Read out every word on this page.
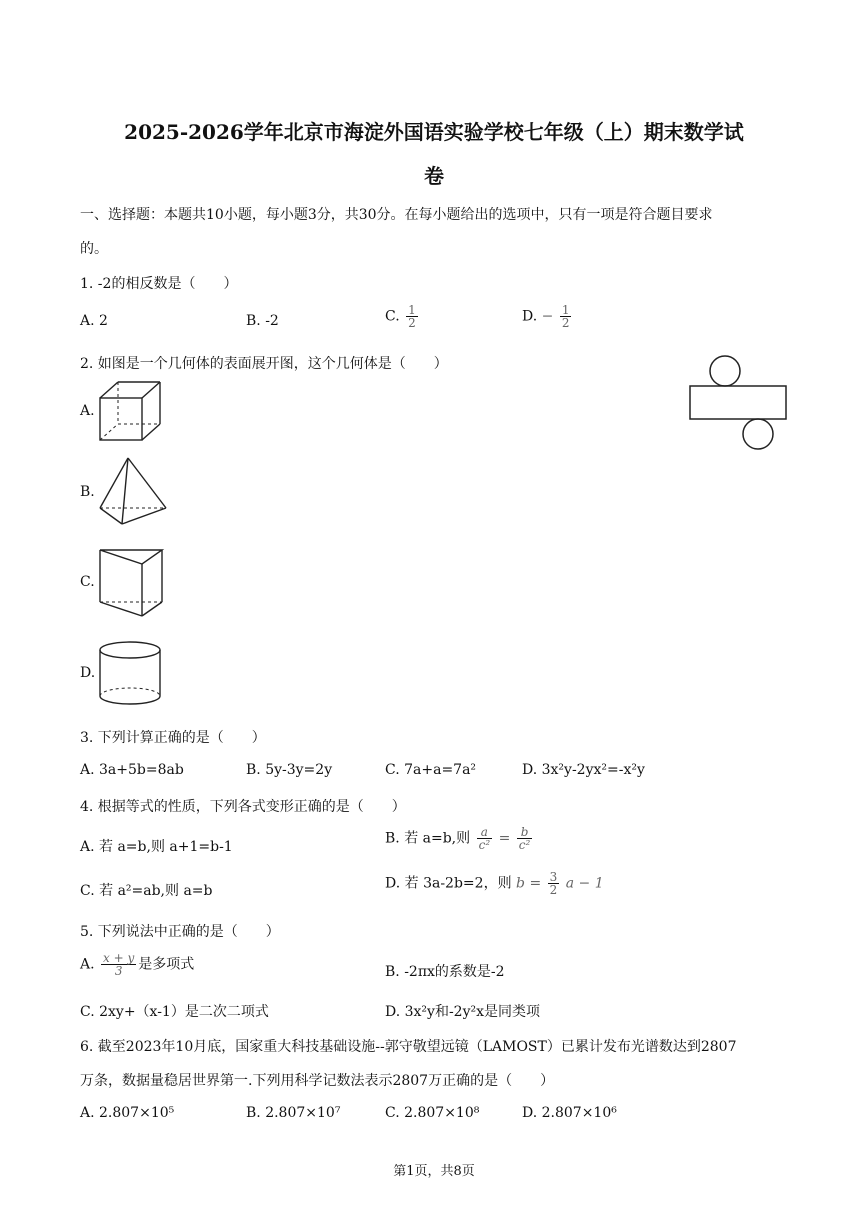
2025-2026学年北京市海淀外国语实验学校七年级（上）期末数学试
卷
一、选择题：本题共10小题，每小题3分，共30分。在每小题给出的选项中，只有一项是符合题目要求
的。
1. -2的相反数是（　　）
A. 2	B. -2	C. $\frac{1}{2}$	D. − $\frac{1}{2}$
2. 如图是一个几何体的表面展开图，这个几何体是（　　）
A.
B.
C.
D.
3. 下列计算正确的是（　　）
A. 3a+5b=8ab	B. 5y-3y=2y	C. 7a+a=7a²	D. 3x²y-2yx²=-x²y
4. 根据等式的性质，下列各式变形正确的是（　　）
A. 若 a=b,则 a+1=b-1
B. 若 a=b,则 $\frac{a}{\text{c²}} = \frac{b}{\text{c²}}$
C. 若 a²=ab,则 a=b	D. 若 3a-2b=2，则 $b = \frac{3}{2}$ a − 1
5. 下列说法中正确的是（　　）
A. $\frac{x + y}{3}$ 是多项式	B. -2πx的系数是-2
C. 2xy+（x-1）是二次二项式	D. 3x²y和-2y²x是同类项
6. 截至2023年10月底，国家重大科技基础设施--郭守敬望远镜（LAMOST）已累计发布光谱数达到2807
万条，数据量稳居世界第一.下列用科学记数法表示2807万正确的是（　　）
A. 2.807×10⁵	B. 2.807×10⁷	C. 2.807×10⁸	D. 2.807×10⁶
第1页，共8页
